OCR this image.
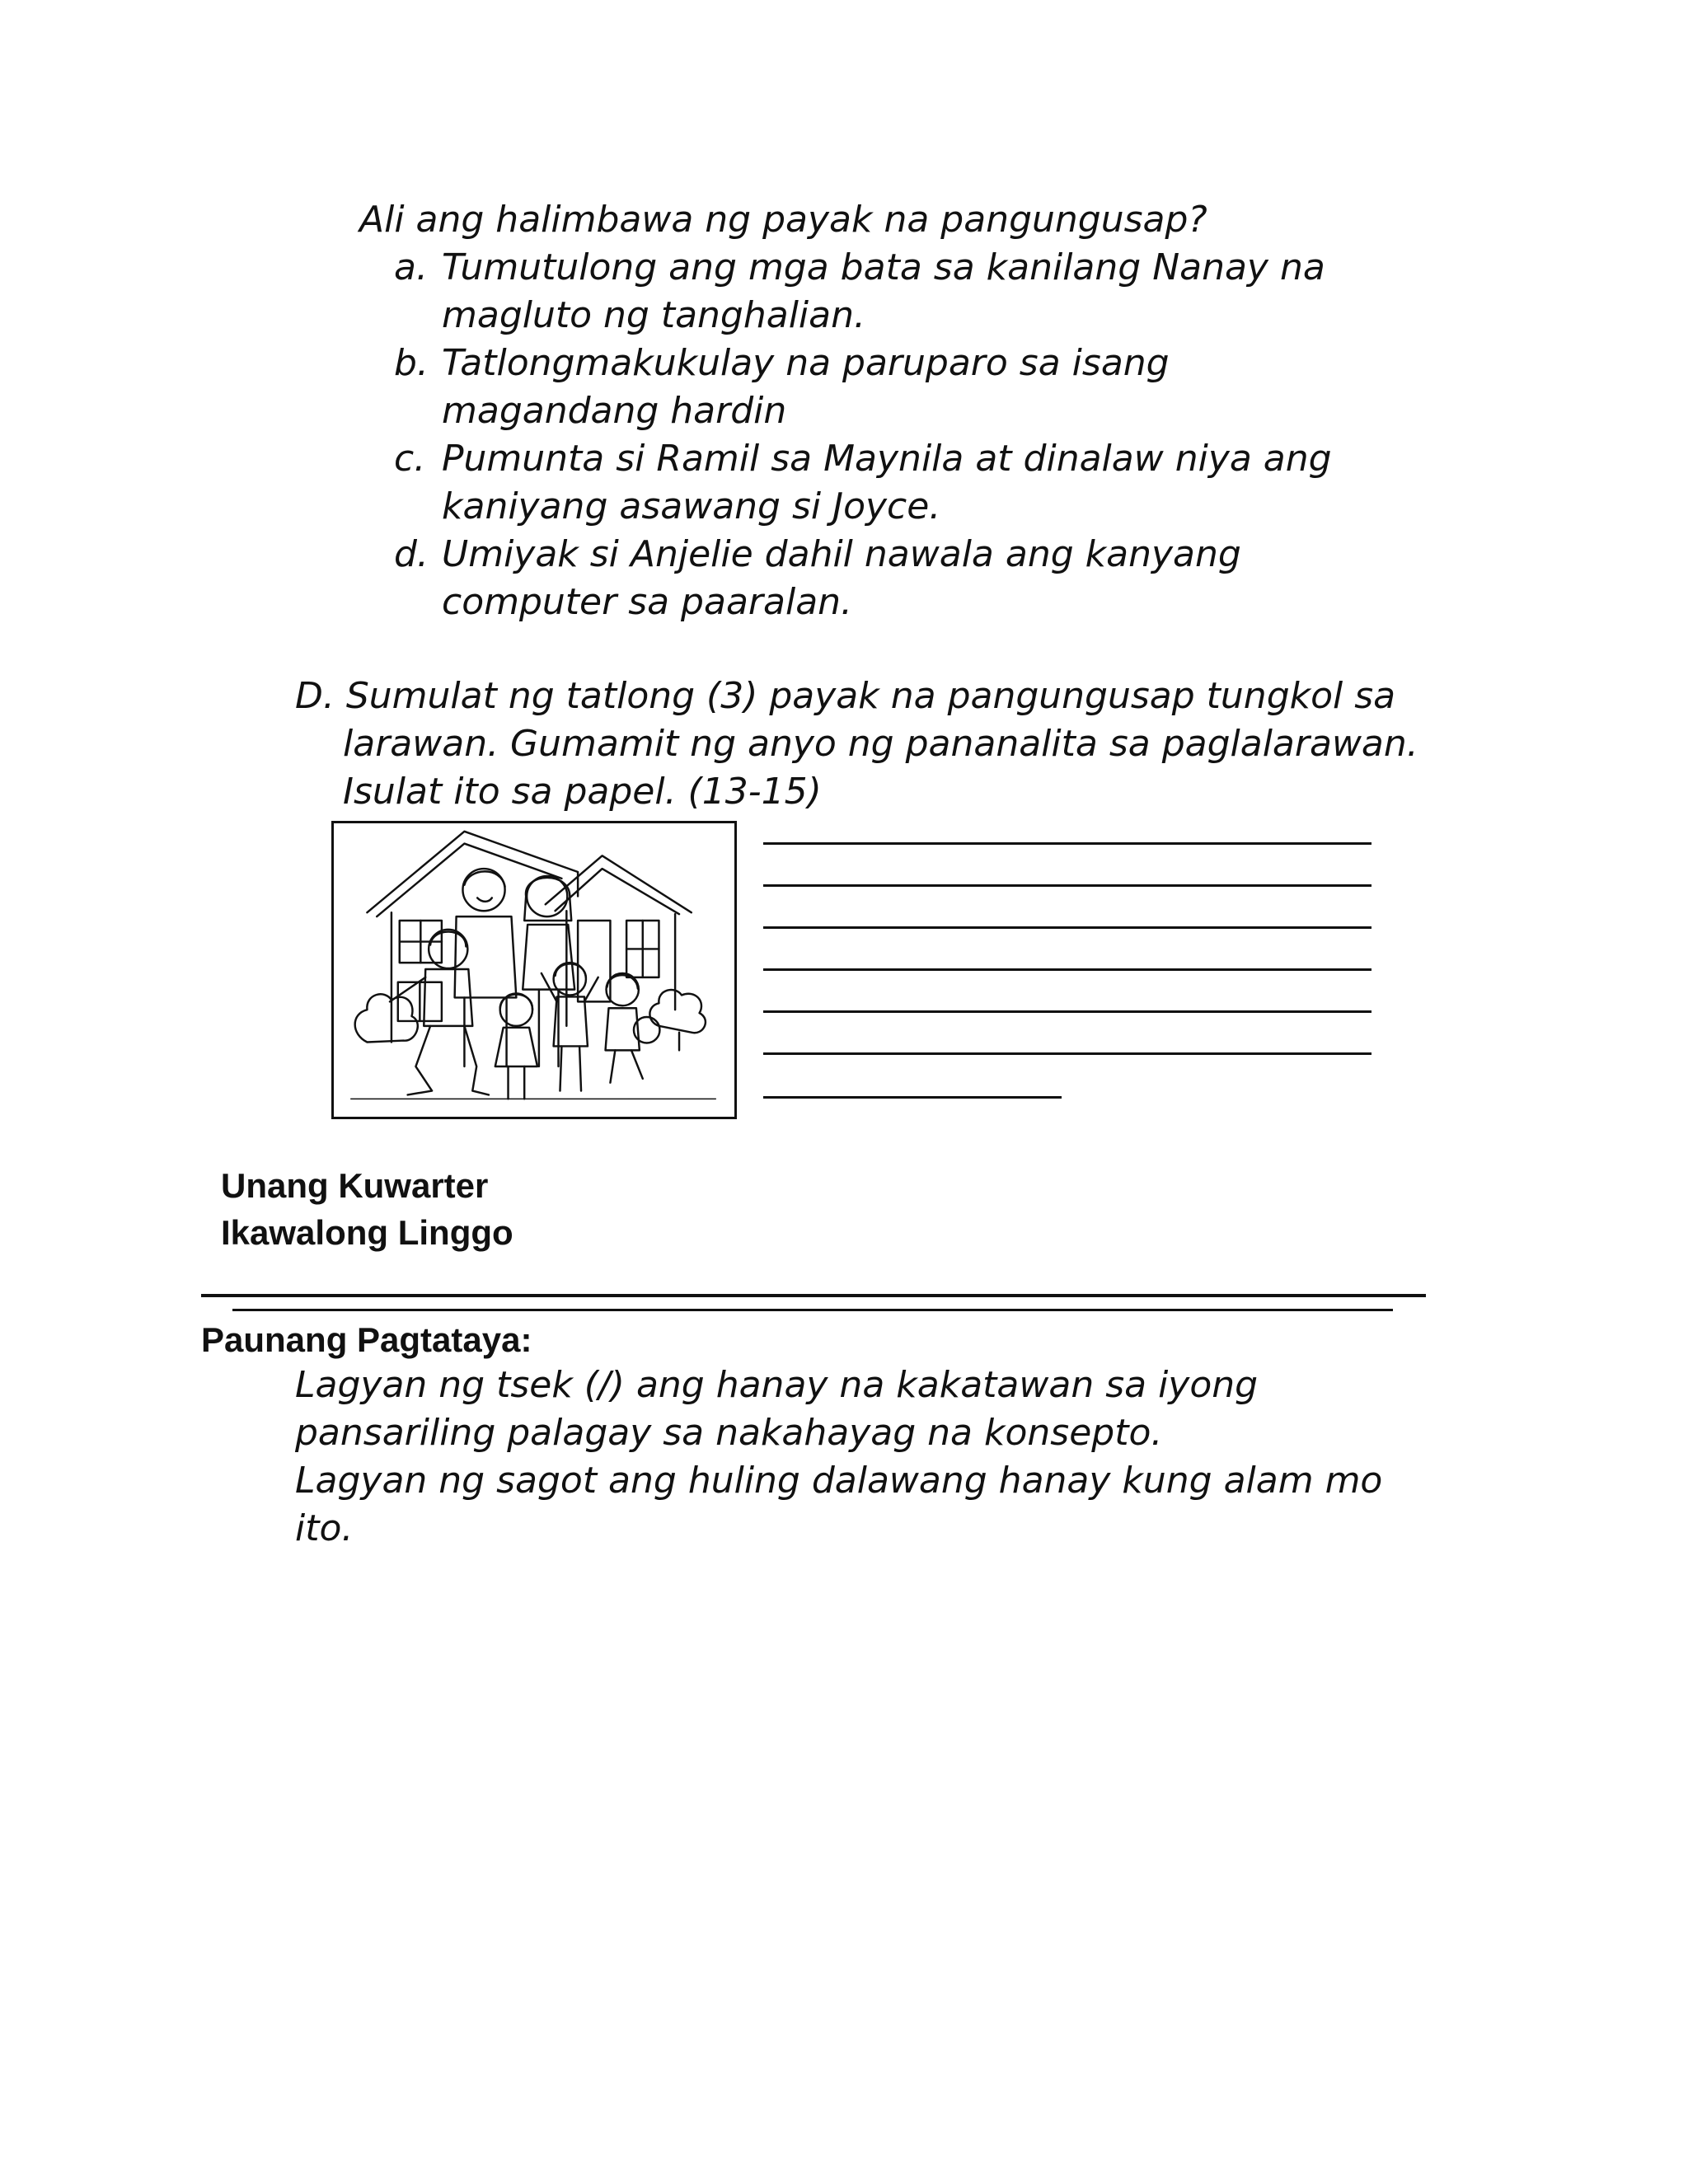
Ali ang halimbawa ng payak na pangungusap?
a. Tumutulong ang mga bata sa kanilang Nanay na
magluto ng tanghalian.
b. Tatlongmakukulay na paruparo sa isang
magandang hardin
c. Pumunta si Ramil sa Maynila at dinalaw niya ang
kaniyang asawang si Joyce.
d. Umiyak si Anjelie dahil nawala ang kanyang
computer sa paaralan.
D. Sumulat ng tatlong (3) payak na pangungusap tungkol sa
larawan. Gumamit ng anyo ng pananalita sa paglalarawan.
Isulat ito sa papel. (13-15)
Unang Kuwarter
Ikawalong Linggo
Paunang Pagtataya:
Lagyan ng tsek (/) ang hanay na kakatawan sa iyong
pansariling palagay sa nakahayag na konsepto.
Lagyan ng sagot ang huling dalawang hanay kung alam mo
ito.
